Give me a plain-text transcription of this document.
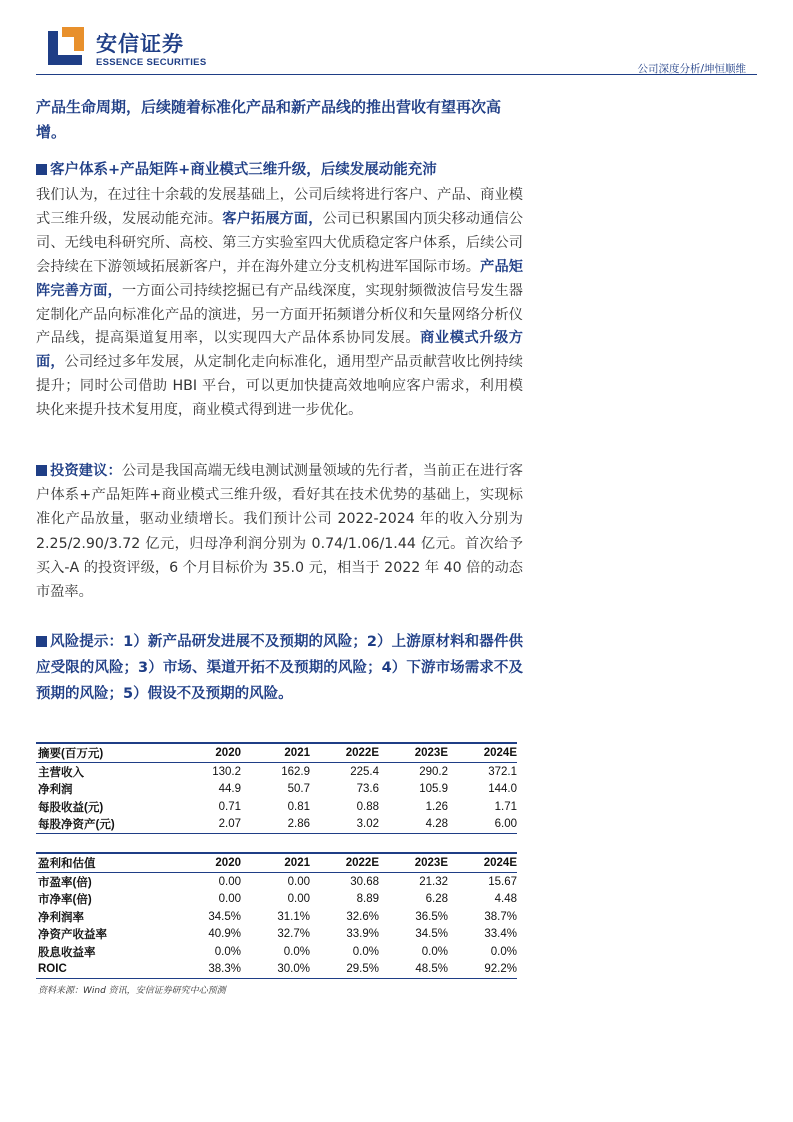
安信证券
ESSENCE SECURITIES
公司深度分析/坤恒顺维
产品生命周期，后续随着标准化产品和新产品线的推出营收有望再次高增。
客户体系+产品矩阵+商业模式三维升级，后续发展动能充沛
我们认为，在过往十余载的发展基础上，公司后续将进行客户、产品、商业模式三维升级，发展动能充沛。客户拓展方面，公司已积累国内顶尖移动通信公司、无线电科研究所、高校、第三方实验室四大优质稳定客户体系，后续公司会持续在下游领域拓展新客户，并在海外建立分支机构进军国际市场。产品矩阵完善方面，一方面公司持续挖掘已有产品线深度，实现射频微波信号发生器定制化产品向标准化产品的演进，另一方面开拓频谱分析仪和矢量网络分析仪产品线，提高渠道复用率，以实现四大产品体系协同发展。商业模式升级方面，公司经过多年发展，从定制化走向标准化，通用型产品贡献营收比例持续提升；同时公司借助 HBI 平台，可以更加快捷高效地响应客户需求，利用模块化来提升技术复用度，商业模式得到进一步优化。
投资建议：公司是我国高端无线电测试测量领域的先行者，当前正在进行客户体系+产品矩阵+商业模式三维升级，看好其在技术优势的基础上，实现标准化产品放量，驱动业绩增长。我们预计公司 2022-2024 年的收入分别为 2.25/2.90/3.72 亿元，归母净利润分别为 0.74/1.06/1.44 亿元。首次给予买入-A 的投资评级，6 个月目标价为 35.0 元，相当于 2022 年 40 倍的动态市盈率。
风险提示：1）新产品研发进展不及预期的风险；2）上游原材料和器件供应受限的风险；3）市场、渠道开拓不及预期的风险；4）下游市场需求不及预期的风险；5）假设不及预期的风险。
摘要(百万元)	2020	2021	2022E	2023E	2024E
主营收入	130.2	162.9	225.4	290.2	372.1
净利润	44.9	50.7	73.6	105.9	144.0
每股收益(元)	0.71	0.81	0.88	1.26	1.71
每股净资产(元)	2.07	2.86	3.02	4.28	6.00
盈利和估值	2020	2021	2022E	2023E	2024E
市盈率(倍)	0.00	0.00	30.68	21.32	15.67
市净率(倍)	0.00	0.00	8.89	6.28	4.48
净利润率	34.5%	31.1%	32.6%	36.5%	38.7%
净资产收益率	40.9%	32.7%	33.9%	34.5%	33.4%
股息收益率	0.0%	0.0%	0.0%	0.0%	0.0%
ROIC	38.3%	30.0%	29.5%	48.5%	92.2%
资料来源：Wind 资讯，安信证券研究中心预测
